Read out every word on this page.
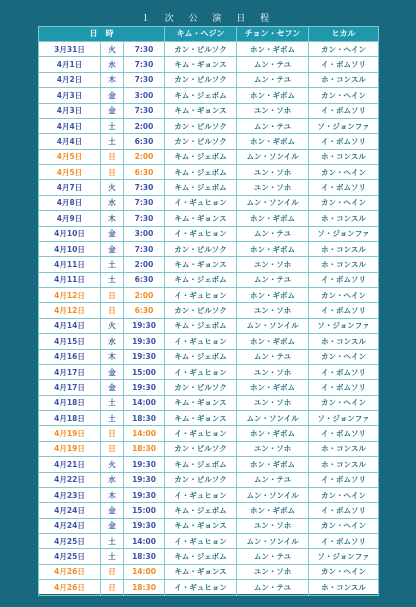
１ 次 公 演 日 程
日　時			キム・ヘジン	チョン・セフン	ヒカル
3月31日	火	7:30	カン・ビルソク	ホン・ギボム	カン・ヘイン
4月1日	水	7:30	キム・ギョンス	ムン・テユ	イ・ボムソリ
4月2日	木	7:30	カン・ビルソク	ムン・テユ	ホ・コンスル
4月3日	金	3:00	キム・ジェボム	ホン・ギボム	カン・ヘイン
4月3日	金	7:30	キム・ギョンス	ユン・ソホ	イ・ボムソリ
4月4日	土	2:00	カン・ビルソク	ムン・テユ	ソ・ジョンファ
4月4日	土	6:30	カン・ビルソク	ホン・ギボム	イ・ボムソリ
4月5日	日	2:00	キム・ジェボム	ムン・ソンイル	ホ・コンスル
4月5日	日	6:30	キム・ジェボム	ユン・ソホ	カン・ヘイン
4月7日	火	7:30	キム・ジェボム	ユン・ソホ	イ・ボムソリ
4月8日	水	7:30	イ・ギュヒョン	ムン・ソンイル	カン・ヘイン
4月9日	木	7:30	キム・ギョンス	ホン・ギボム	ホ・コンスル
4月10日	金	3:00	イ・ギュヒョン	ムン・テユ	ソ・ジョンファ
4月10日	金	7:30	カン・ビルソク	ホン・ギボム	ホ・コンスル
4月11日	土	2:00	キム・ギョンス	ユン・ソホ	ホ・コンスル
4月11日	土	6:30	キム・ジェボム	ムン・テユ	イ・ボムソリ
4月12日	日	2:00	イ・ギュヒョン	ホン・ギボム	カン・ヘイン
4月12日	日	6:30	カン・ビルソク	ユン・ソホ	イ・ボムソリ
4月14日	火	19:30	キム・ジェボム	ムン・ソンイル	ソ・ジョンファ
4月15日	水	19:30	イ・ギュヒョン	ホン・ギボム	ホ・コンスル
4月16日	木	19:30	キム・ジェボム	ムン・テユ	カン・ヘイン
4月17日	金	15:00	イ・ギュヒョン	ユン・ソホ	イ・ボムソリ
4月17日	金	19:30	カン・ビルソク	ホン・ギボム	イ・ボムソリ
4月18日	土	14:00	キム・ギョンス	ユン・ソホ	カン・ヘイン
4月18日	土	18:30	キム・ギョンス	ムン・ソンイル	ソ・ジョンファ
4月19日	日	14:00	イ・ギュヒョン	ホン・ギボム	イ・ボムソリ
4月19日	日	18:30	カン・ビルソク	ユン・ソホ	ホ・コンスル
4月21日	火	19:30	キム・ジェボム	ホン・ギボム	ホ・コンスル
4月22日	水	19:30	カン・ビルソク	ムン・テユ	イ・ボムソリ
4月23日	木	19:30	イ・ギュヒョン	ムン・ソンイル	カン・ヘイン
4月24日	金	15:00	キム・ジェボム	ホン・ギボム	イ・ボムソリ
4月24日	金	19:30	キム・ギョンス	ユン・ソホ	カン・ヘイン
4月25日	土	14:00	イ・ギュヒョン	ムン・ソンイル	イ・ボムソリ
4月25日	土	18:30	キム・ジェボム	ムン・テユ	ソ・ジョンファ
4月26日	日	14:00	キム・ギョンス	ユン・ソホ	カン・ヘイン
4月26日	日	18:30	イ・ギュヒョン	ムン・テユ	ホ・コンスル
